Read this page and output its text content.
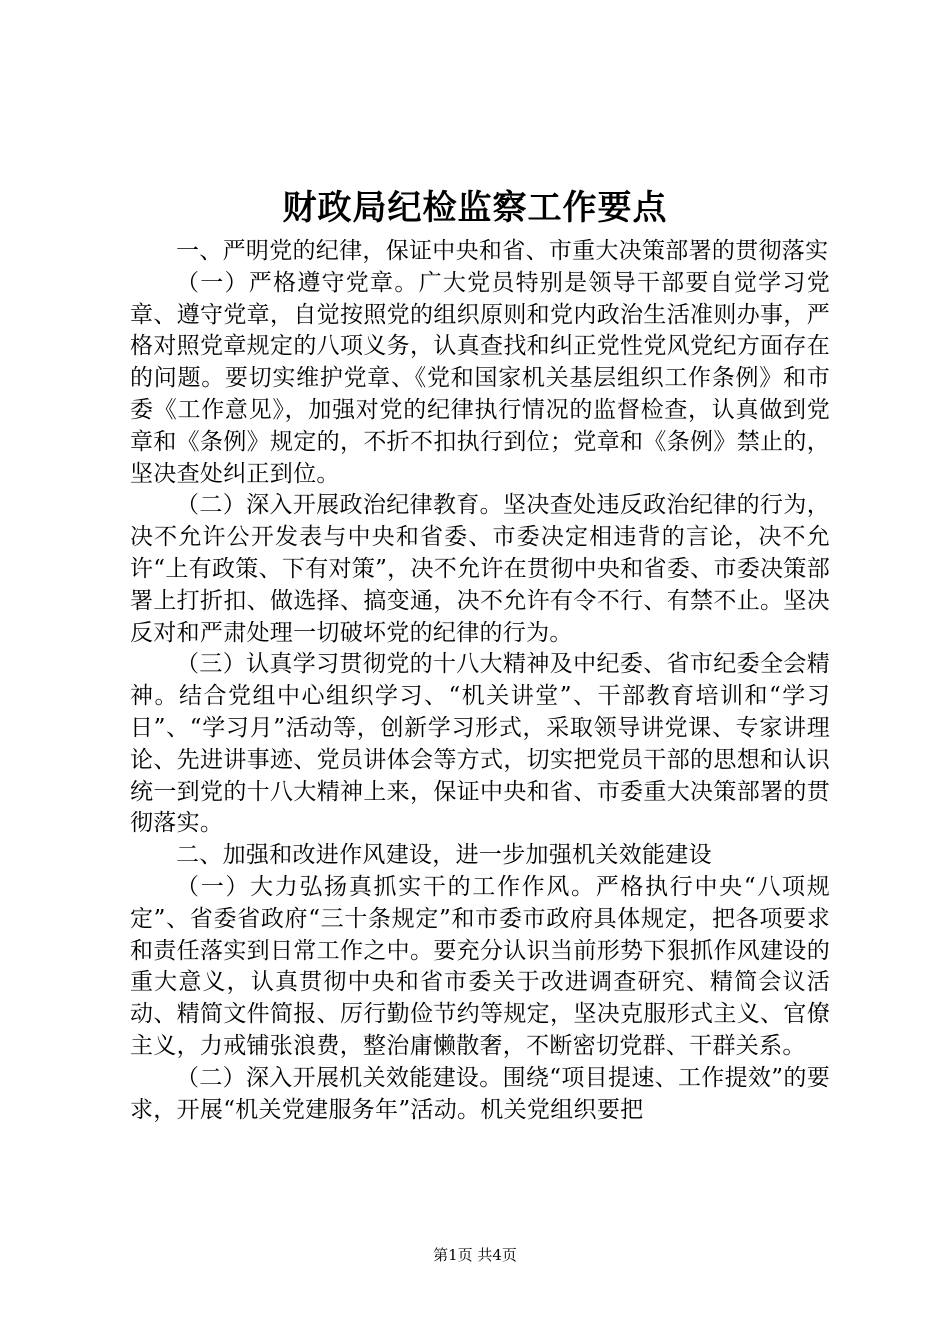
财政局纪检监察工作要点

一、严明党的纪律，保证中央和省、市重大决策部署的贯彻落实

（一）严格遵守党章。广大党员特别是领导干部要自觉学习党章、遵守党章，自觉按照党的组织原则和党内政治生活准则办事，严格对照党章规定的八项义务，认真查找和纠正党性党风党纪方面存在的问题。要切实维护党章、《党和国家机关基层组织工作条例》和市委《工作意见》，加强对党的纪律执行情况的监督检查，认真做到党章和《条例》规定的，不折不扣执行到位；党章和《条例》禁止的，坚决查处纠正到位。

（二）深入开展政治纪律教育。坚决查处违反政治纪律的行为，决不允许公开发表与中央和省委、市委决定相违背的言论，决不允许“上有政策、下有对策”，决不允许在贯彻中央和省委、市委决策部署上打折扣、做选择、搞变通，决不允许有令不行、有禁不止。坚决反对和严肃处理一切破坏党的纪律的行为。

（三）认真学习贯彻党的十八大精神及中纪委、省市纪委全会精神。结合党组中心组织学习、“机关讲堂”、干部教育培训和“学习日”、“学习月”活动等，创新学习形式，采取领导讲党课、专家讲理论、先进讲事迹、党员讲体会等方式，切实把党员干部的思想和认识统一到党的十八大精神上来，保证中央和省、市委重大决策部署的贯彻落实。

二、加强和改进作风建设，进一步加强机关效能建设

（一）大力弘扬真抓实干的工作作风。严格执行中央“八项规定”、省委省政府“三十条规定”和市委市政府具体规定，把各项要求和责任落实到日常工作之中。要充分认识当前形势下狠抓作风建设的重大意义，认真贯彻中央和省市委关于改进调查研究、精简会议活动、精简文件简报、厉行勤俭节约等规定，坚决克服形式主义、官僚主义，力戒铺张浪费，整治庸懒散奢，不断密切党群、干群关系。

（二）深入开展机关效能建设。围绕“项目提速、工作提效”的要求，开展“机关党建服务年”活动。机关党组织要把

第1页 共4页
